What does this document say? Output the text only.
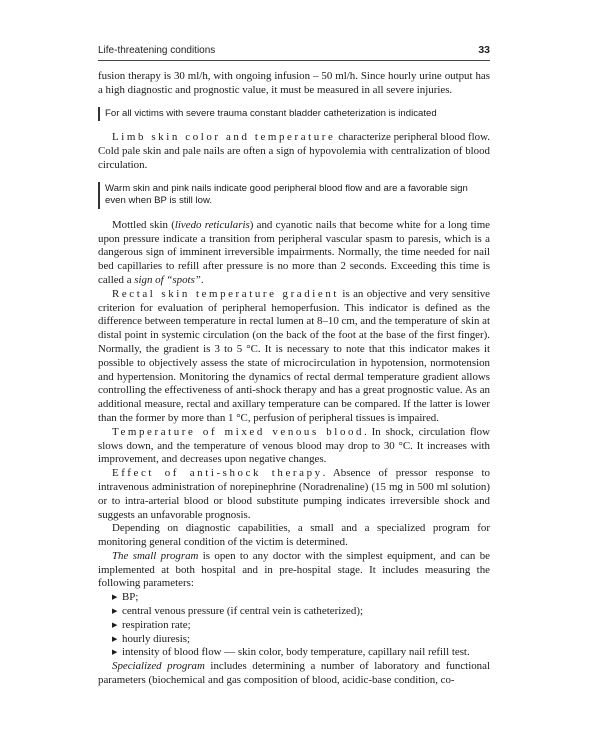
Life-threatening conditions	33

fusion therapy is 30 ml/h, with ongoing infusion – 50 ml/h. Since hourly urine output has a high diagnostic and prognostic value, it must be measured in all severe injuries.

For all victims with severe trauma constant bladder catheterization is indicated

Limb skin color and temperature characterize peripheral blood flow. Cold pale skin and pale nails are often a sign of hypovolemia with centralization of blood circulation.

Warm skin and pink nails indicate good peripheral blood flow and are a favorable sign even when BP is still low.

Mottled skin (livedo reticularis) and cyanotic nails that become white for a long time upon pressure indicate a transition from peripheral vascular spasm to paresis, which is a dangerous sign of imminent irreversible impairments. Normally, the time needed for nail bed capillaries to refill after pressure is no more than 2 seconds. Exceeding this time is called a sign of “spots”.

Rectal skin temperature gradient is an objective and very sensitive criterion for evaluation of peripheral hemoperfusion. This indicator is defined as the difference between temperature in rectal lumen at 8–10 cm, and the temperature of skin at distal point in systemic circulation (on the back of the foot at the base of the first finger). Normally, the gradient is 3 to 5 °C. It is necessary to note that this indicator makes it possible to objectively assess the state of microcirculation in hypotension, normotension and hypertension. Monitoring the dynamics of rectal dermal temperature gradient allows controlling the effectiveness of anti-shock therapy and has a great prognostic value. As an additional measure, rectal and axillary temperature can be compared. If the latter is lower than the former by more than 1 °C, perfusion of peripheral tissues is impaired.

Temperature of mixed venous blood. In shock, circulation flow slows down, and the temperature of venous blood may drop to 30 °C. It increases with improvement, and decreases upon negative changes.

Effect of anti-shock therapy. Absence of pressor response to intravenous administration of norepinephrine (Noradrenaline) (15 mg in 500 ml solution) or to intra-arterial blood or blood substitute pumping indicates irreversible shock and suggests an unfavorable prognosis.

Depending on diagnostic capabilities, a small and a specialized program for monitoring general condition of the victim is determined.

The small program is open to any doctor with the simplest equipment, and can be implemented at both hospital and in pre-hospital stage. It includes measuring the following parameters:

▶ BP;
▶ central venous pressure (if central vein is catheterized);
▶ respiration rate;
▶ hourly diuresis;
▶ intensity of blood flow — skin color, body temperature, capillary nail refill test.

Specialized program includes determining a number of laboratory and functional parameters (biochemical and gas composition of blood, acidic-base condition, co-
